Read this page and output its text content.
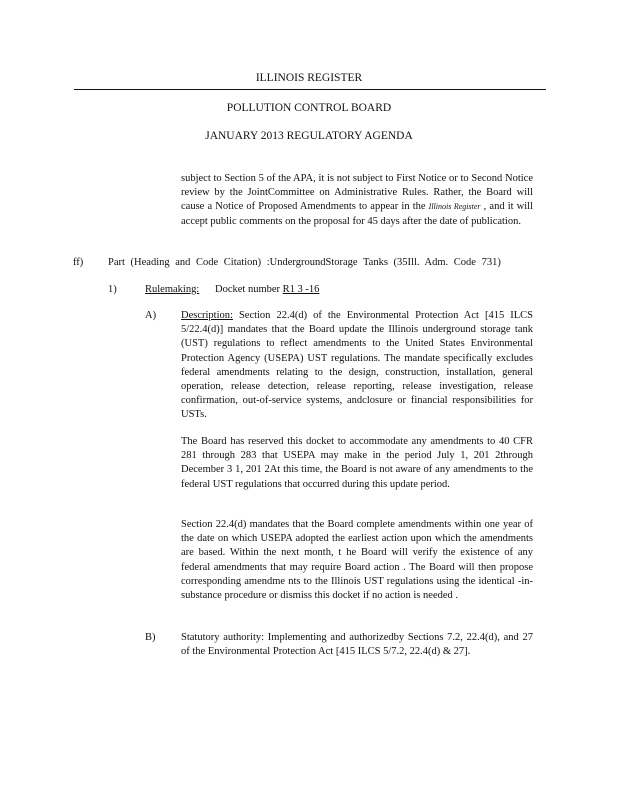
ILLINOIS REGISTER
POLLUTION CONTROL BOARD
JANUARY 2013 REGULATORY AGENDA
subject to Section 5 of the APA, it is not subject to First Notice or to Second Notice review by the JointCommittee on Administrative Rules. Rather, the Board will cause a Notice of Proposed Amendments to appear in the Illinois Register , and it will accept public comments on the proposal for 45 days after the date of publication.
ff) Part (Heading and Code Citation) :UndergroundStorage Tanks (35Ill. Adm. Code 731)
1)	Rulemaking: Docket number R1 3 -16
A) Description: Section 22.4(d) of the Environmental Protection Act [415 ILCS 5/22.4(d)] mandates that the Board update the Illinois underground storage tank (UST) regulations to reflect amendments to the United States Environmental Protection Agency (USEPA) UST regulations. The mandate specifically excludes federal amendments relating to the design, construction, installation, general operation, release detection, release reporting, release investigation, release confirmation, out-of-service systems, andclosure or financial responsibilities for USTs.
The Board has reserved this docket to accommodate any amendments to 40 CFR 281 through 283 that USEPA may make in the period July 1, 201 2through December 3 1, 201 2At this time, the Board is not aware of any amendments to the federal UST regulations that occurred during this update period.
Section 22.4(d) mandates that the Board complete amendments within one year of the date on which USEPA adopted the earliest action upon which the amendments are based. Within the next month, t he Board will verify the existence of any federal amendments that may require Board action . The Board will then propose corresponding amendme nts to the Illinois UST regulations using the identical -in-substance procedure or dismiss this docket if no action is needed .
B) Statutory authority: Implementing and authorizedby Sections 7.2, 22.4(d), and 27 of the Environmental Protection Act [415 ILCS 5/7.2, 22.4(d) & 27].
